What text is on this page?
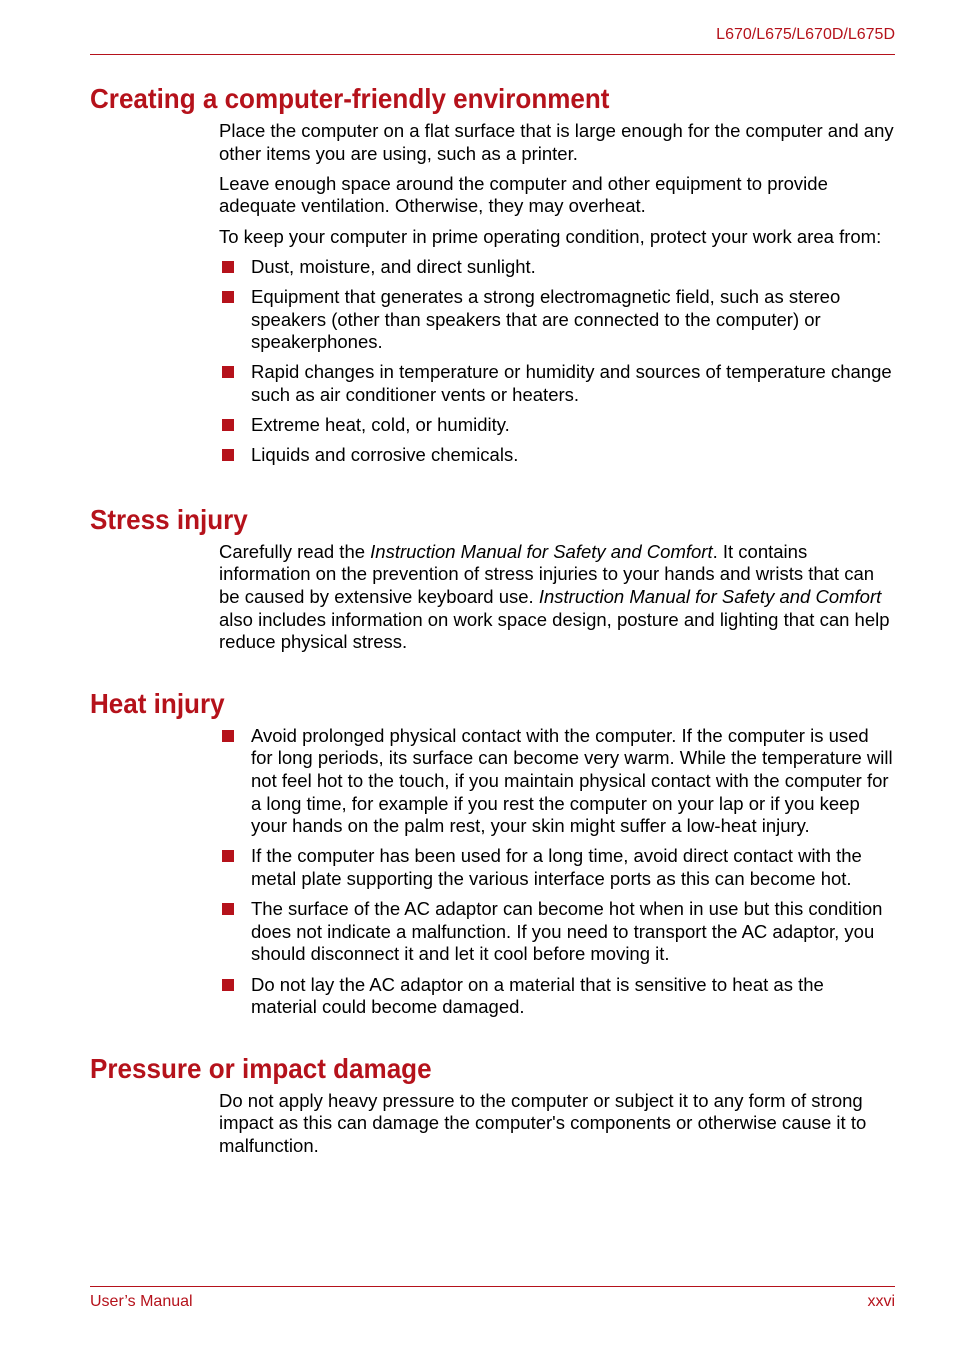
L670/L675/L670D/L675D
Creating a computer-friendly environment

Place the computer on a flat surface that is large enough for the computer and any other items you are using, such as a printer.

Leave enough space around the computer and other equipment to provide adequate ventilation. Otherwise, they may overheat.

To keep your computer in prime operating condition, protect your work area from:

Dust, moisture, and direct sunlight.
Equipment that generates a strong electromagnetic field, such as stereo speakers (other than speakers that are connected to the computer) or speakerphones.
Rapid changes in temperature or humidity and sources of temperature change such as air conditioner vents or heaters.
Extreme heat, cold, or humidity.
Liquids and corrosive chemicals.
Stress injury

Carefully read the Instruction Manual for Safety and Comfort. It contains information on the prevention of stress injuries to your hands and wrists that can be caused by extensive keyboard use. Instruction Manual for Safety and Comfort also includes information on work space design, posture and lighting that can help reduce physical stress.

Heat injury
Avoid prolonged physical contact with the computer. If the computer is used for long periods, its surface can become very warm. While the temperature will not feel hot to the touch, if you maintain physical contact with the computer for a long time, for example if you rest the computer on your lap or if you keep your hands on the palm rest, your skin might suffer a low-heat injury.
If the computer has been used for a long time, avoid direct contact with the metal plate supporting the various interface ports as this can become hot.
The surface of the AC adaptor can become hot when in use but this condition does not indicate a malfunction. If you need to transport the AC adaptor, you should disconnect it and let it cool before moving it.
Do not lay the AC adaptor on a material that is sensitive to heat as the material could become damaged.
Pressure or impact damage

Do not apply heavy pressure to the computer or subject it to any form of strong impact as this can damage the computer's components or otherwise cause it to malfunction.

User’s Manual	xxvi
